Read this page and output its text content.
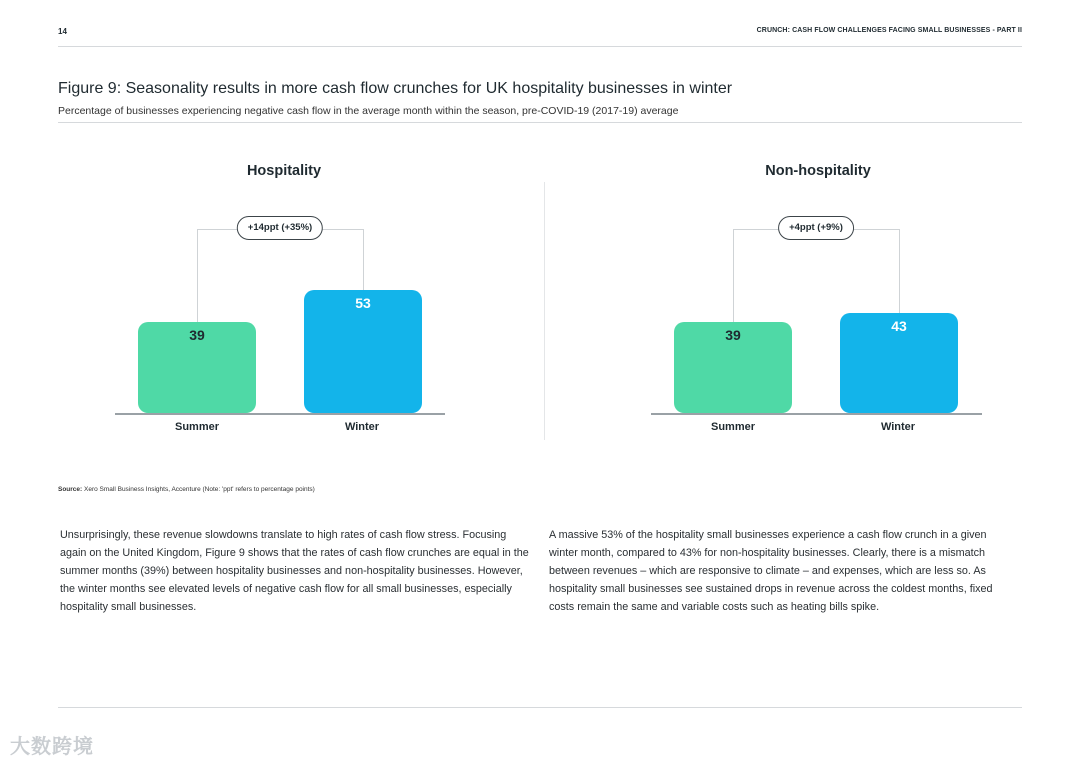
14	CRUNCH: CASH FLOW CHALLENGES FACING SMALL BUSINESSES - PART II
Figure 9: Seasonality results in more cash flow crunches for UK hospitality businesses in winter
Percentage of businesses experiencing negative cash flow in the average month within the season, pre-COVID-19 (2017-19) average
Hospitality
+14ppt (+35%)
39
53
Summer	Winter
Non-hospitality
+4ppt (+9%)
39
43
Summer	Winter
Source: Xero Small Business Insights, Accenture (Note: 'ppt' refers to percentage points)
Unsurprisingly, these revenue slowdowns translate to high rates of cash flow stress. Focusing again on the United Kingdom, Figure 9 shows that the rates of cash flow crunches are equal in the summer months (39%) between hospitality businesses and non-hospitality businesses. However, the winter months see elevated levels of negative cash flow for all small businesses, especially hospitality small businesses.
A massive 53% of the hospitality small businesses experience a cash flow crunch in a given winter month, compared to 43% for non-hospitality businesses. Clearly, there is a mismatch between revenues – which are responsive to climate – and expenses, which are less so. As hospitality small businesses see sustained drops in revenue across the coldest months, fixed costs remain the same and variable costs such as heating bills spike.
大数跨境
